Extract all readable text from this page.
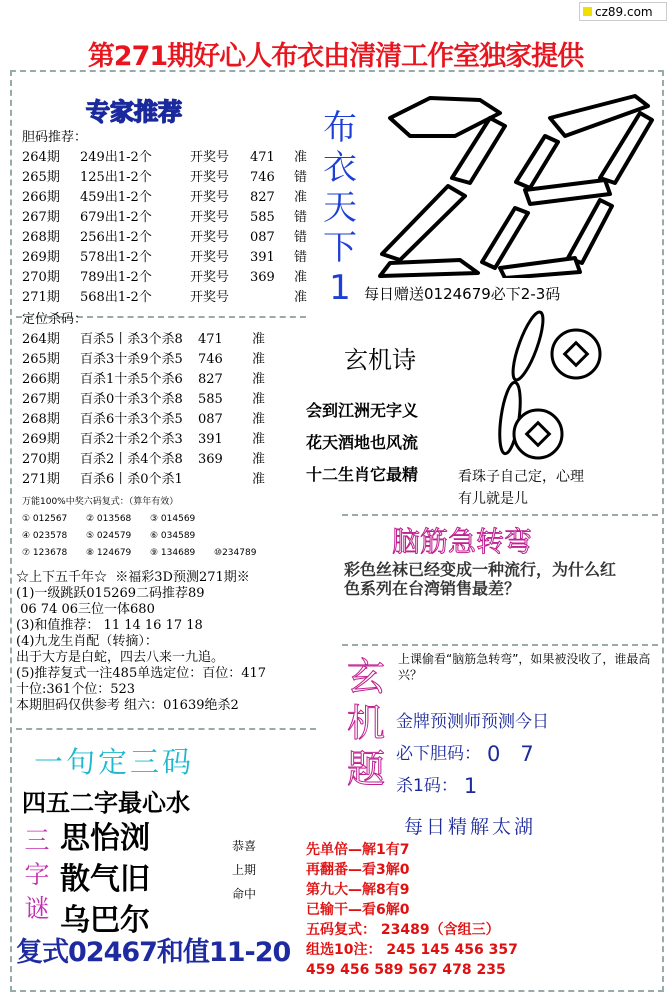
cz89.com
第271期好心人布衣由清清工作室独家提供
专家推荐
胆码推荐：
264期	249出1-2个	开奖号	471	准
265期	125出1-2个	开奖号	746	错
266期	459出1-2个	开奖号	827	准
267期	679出1-2个	开奖号	585	错
268期	256出1-2个	开奖号	087	错
269期	578出1-2个	开奖号	391	错
270期	789出1-2个	开奖号	369	准
271期	568出1-2个	开奖号	准
定位杀码：
264期	百杀5丨杀3个杀8	471	准
265期	百杀3十杀9个杀5	746	准
266期	百杀1十杀5个杀6	827	准
267期	百杀0十杀3个杀8	585	准
268期	百杀6十杀3个杀5	087	准
269期	百杀2十杀2个杀3	391	准
270期	百杀2丨杀4个杀8	369	准
271期	百杀6丨杀0个杀1	准
布
衣
天
下
1 每日赠送0124679必下2-3码
玄机诗
会到江洲无字义
花天酒地也风流
十二生肖它最精	看珠子自己定，心理
有儿就是儿
万能100%中奖六码复式：（算年有效）
① 012567 ② 013568 ③ 014569
④ 023578 ⑤ 024579 ⑥ 034589
⑦ 123678 ⑧ 124679 ⑨ 134689 ⑩234789	脑筋急转弯
彩色丝袜已经变成一种流行，为什么红色系列在台湾销售最差？
☆上下五千年☆  ※福彩3D预测271期※
(1)一级跳跃015269二码推荐89
06 74 06三位一体680
(3)和值推荐： 11 14 16 17 18
(4)九龙生肖配（转摘）：
出于大方是白蛇，四去八来一九追。
(5)推荐复式一注485单选定位：百位：417
十位:361个位：523
本期胆码仅供参考 组六：01639绝杀2
玄
机
题
上课偷看“脑筋急转弯”，如果被没收了，谁最高兴？
金牌预测师预测今日
必下胆码： 0   7
杀1码： 1
一句定三码
四五二字最心水
每日精解太湖
三
字
谜
思怡浏
散气旧
乌巴尔
恭喜
上期
命中
先单倍—解1有7
再翻番—看3解0
第九大—解8有9
已输干—看6解0
五码复式： 23489（含组三）
组选10注： 245 145 456 357
459 456 589 567 478 235
复式02467和值11-20
